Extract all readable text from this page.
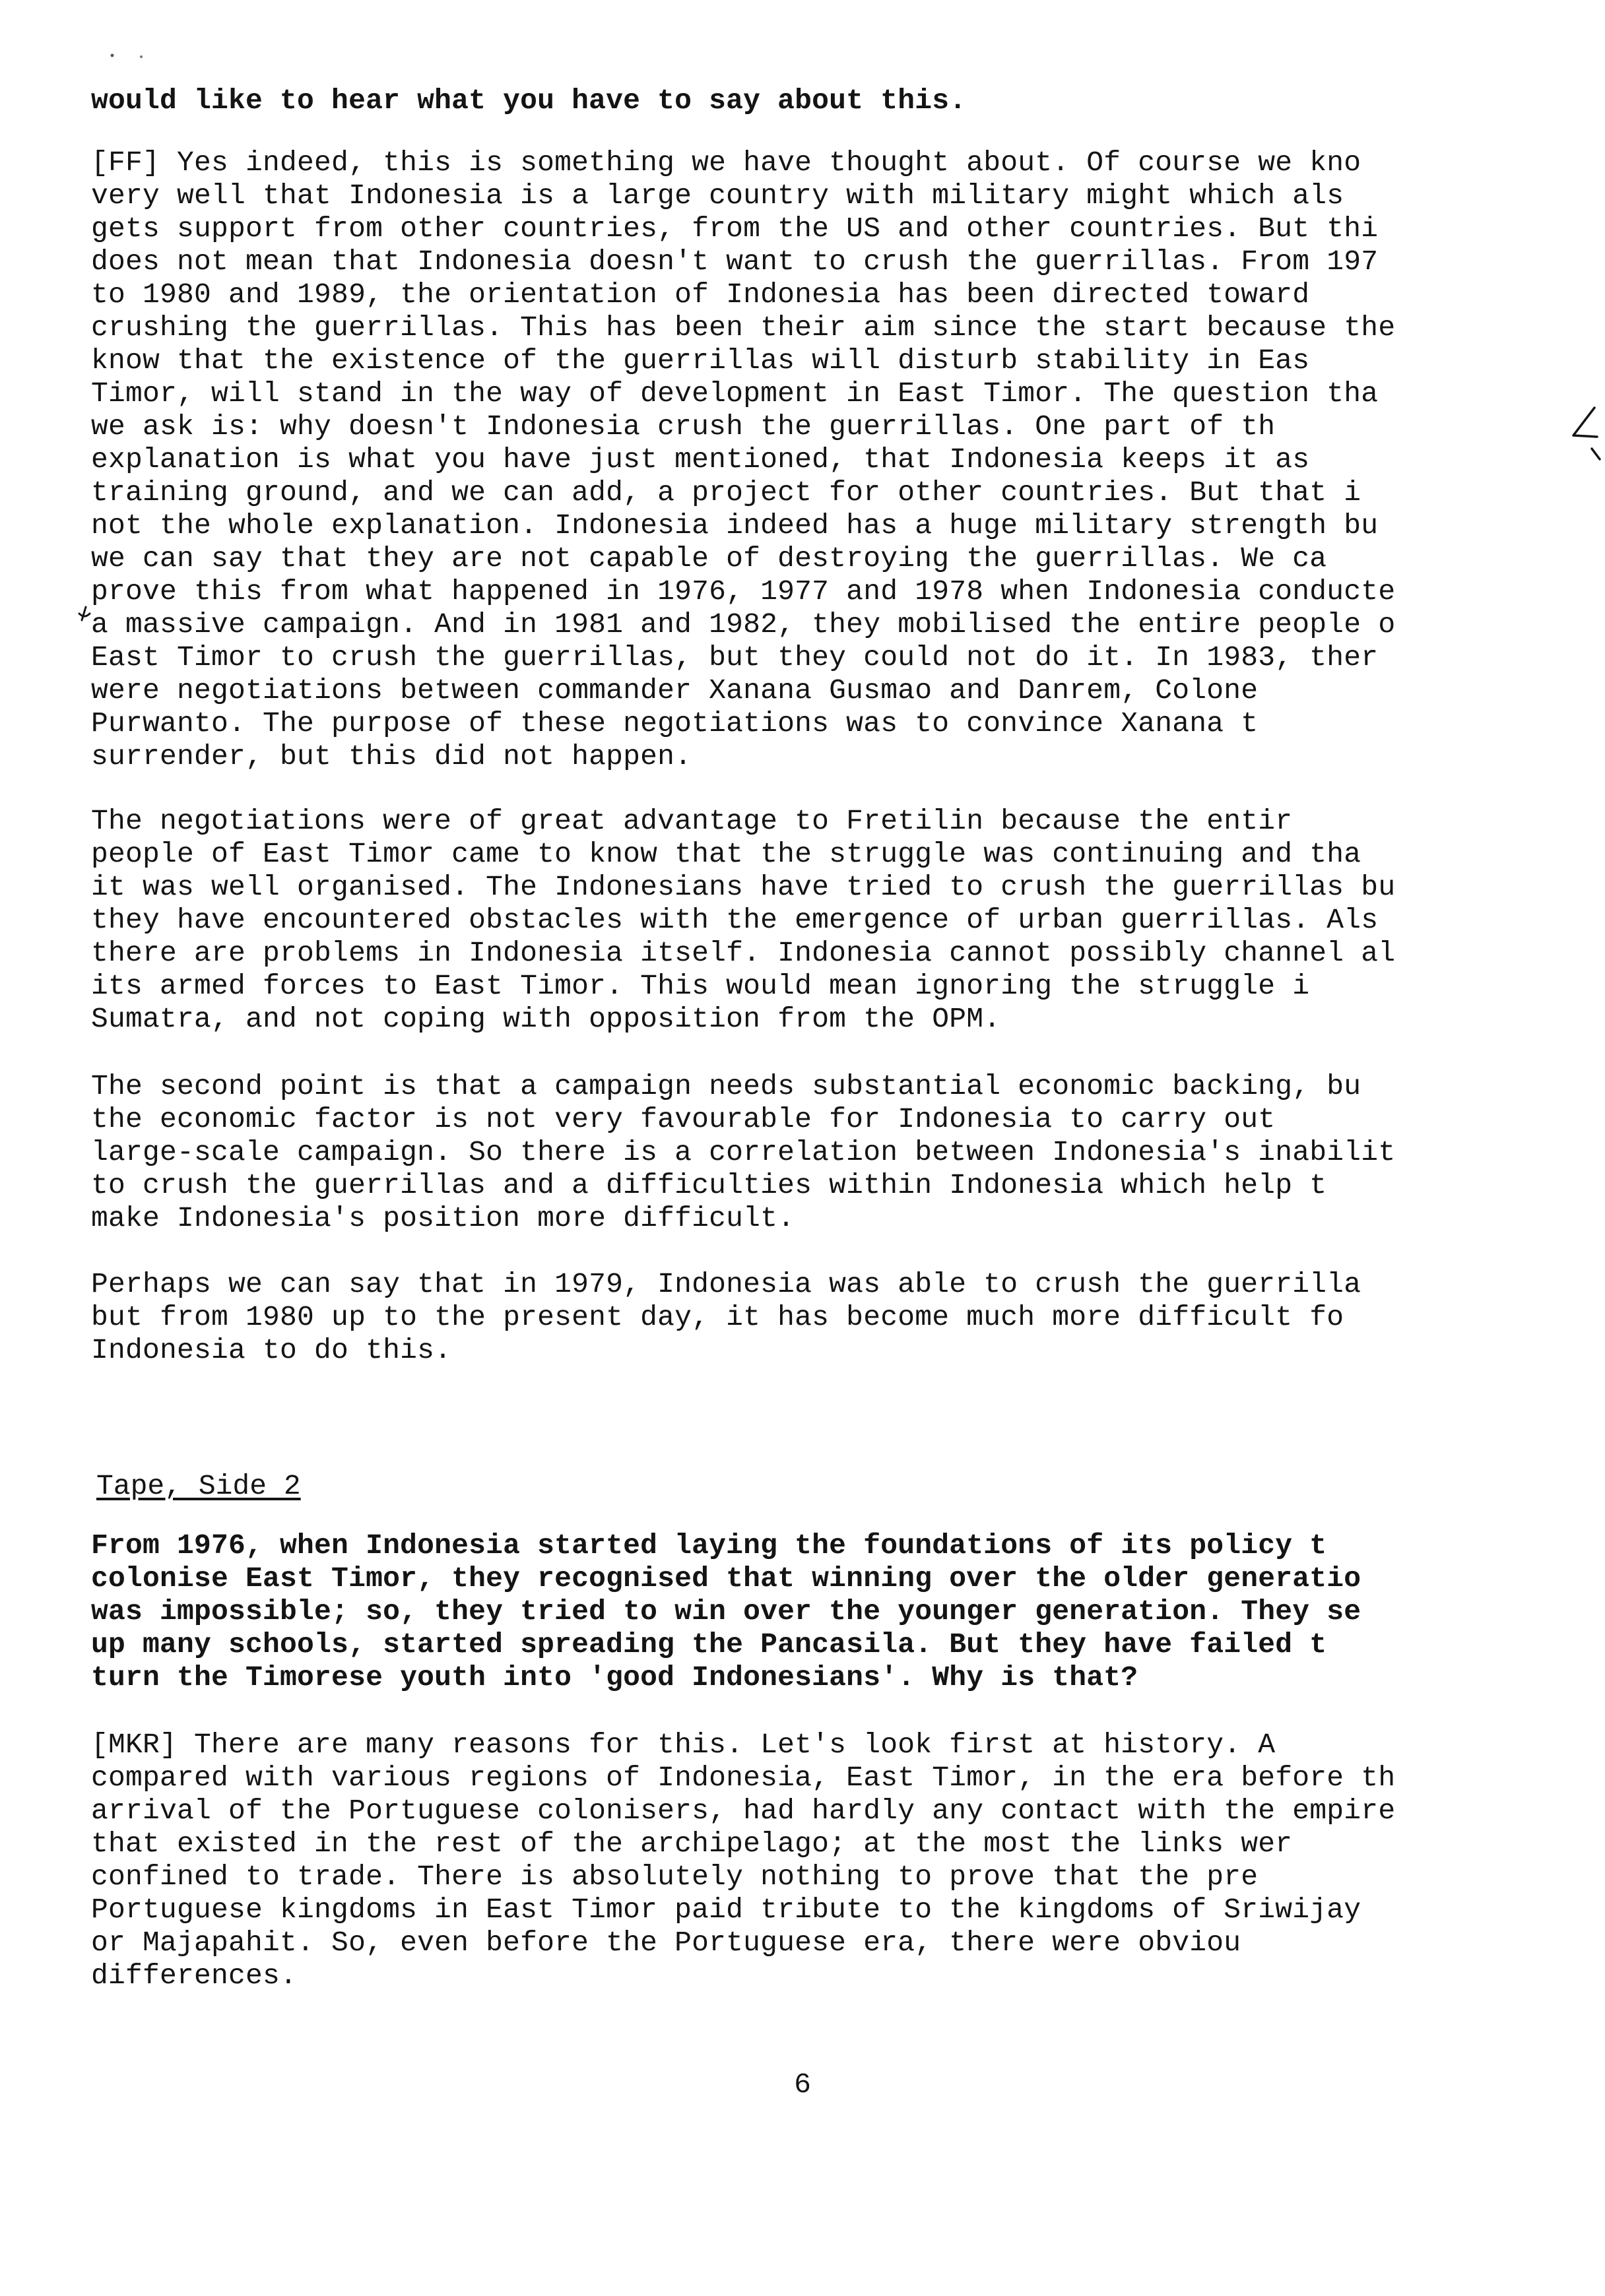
would like to hear what you have to say about this.

[FF] Yes indeed, this is something we have thought about. Of course we kno
very well that Indonesia is a large country with military might which als
gets support from other countries, from the US and other countries. But thi
does not mean that Indonesia doesn't want to crush the guerrillas. From 197
to 1980 and 1989, the orientation of Indonesia has been directed toward
crushing the guerrillas. This has been their aim since the start because the
know that the existence of the guerrillas will disturb stability in Eas
Timor, will stand in the way of development in East Timor. The question tha
we ask is: why doesn't Indonesia crush the guerrillas. One part of th
explanation is what you have just mentioned, that Indonesia keeps it as
training ground, and we can add, a project for other countries. But that i
not the whole explanation. Indonesia indeed has a huge military strength bu
we can say that they are not capable of destroying the guerrillas. We ca
prove this from what happened in 1976, 1977 and 1978 when Indonesia conducte
a massive campaign. And in 1981 and 1982, they mobilised the entire people o
East Timor to crush the guerrillas, but they could not do it. In 1983, ther
were negotiations between commander Xanana Gusmao and Danrem, Colone
Purwanto. The purpose of these negotiations was to convince Xanana t
surrender, but this did not happen.

The negotiations were of great advantage to Fretilin because the entir
people of East Timor came to know that the struggle was continuing and tha
it was well organised. The Indonesians have tried to crush the guerrillas bu
they have encountered obstacles with the emergence of urban guerrillas. Als
there are problems in Indonesia itself. Indonesia cannot possibly channel al
its armed forces to East Timor. This would mean ignoring the struggle i
Sumatra, and not coping with opposition from the OPM.

The second point is that a campaign needs substantial economic backing, bu
the economic factor is not very favourable for Indonesia to carry out
large-scale campaign. So there is a correlation between Indonesia's inabilit
to crush the guerrillas and a difficulties within Indonesia which help t
make Indonesia's position more difficult.

Perhaps we can say that in 1979, Indonesia was able to crush the guerrilla
but from 1980 up to the present day, it has become much more difficult fo
Indonesia to do this.

Tape, Side 2

From 1976, when Indonesia started laying the foundations of its policy t
colonise East Timor, they recognised that winning over the older generatio
was impossible; so, they tried to win over the younger generation. They se
up many schools, started spreading the Pancasila. But they have failed t
turn the Timorese youth into 'good Indonesians'. Why is that?

[MKR] There are many reasons for this. Let's look first at history. A
compared with various regions of Indonesia, East Timor, in the era before th
arrival of the Portuguese colonisers, had hardly any contact with the empire
that existed in the rest of the archipelago; at the most the links wer
confined to trade. There is absolutely nothing to prove that the pre
Portuguese kingdoms in East Timor paid tribute to the kingdoms of Sriwijay
or Majapahit. So, even before the Portuguese era, there were obviou
differences.

6
